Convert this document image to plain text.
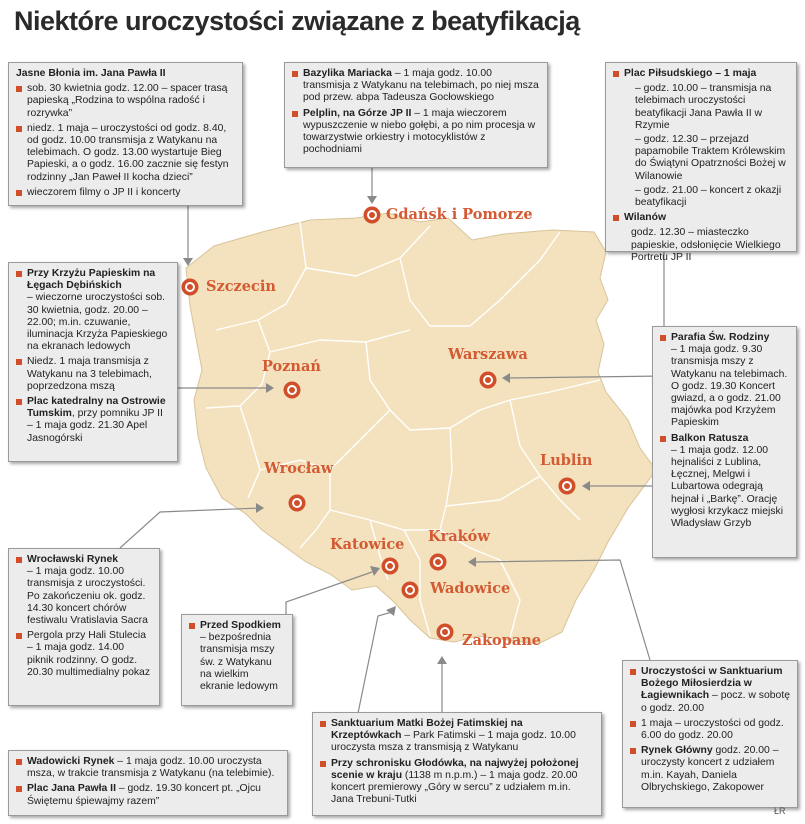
Niektóre uroczystości związane z beatyfikacją
Gdańsk i Pomorze
Szczecin
Poznań
Warszawa
Lublin
Wrocław
Katowice Kraków
Wadowice
Zakopane

Jasne Błonia im. Jana Pawła II

sob. 30 kwietnia godz. 12.00 – spacer trasą papieską „Rodzina to wspólna radość i rozrywka”
niedz. 1 maja – uroczystości od godz. 8.40, od godz. 10.00 transmisja z Watykanu na telebimach. O godz. 13.00 wystartuje Bieg Papieski, a o godz. 16.00 zacznie się festyn rodzinny „Jan Paweł II kocha dzieci”
wieczorem filmy o JP II i koncerty
Bazylika Mariacka – 1 maja godz. 10.00 transmisja z Watykanu na telebimach, po niej msza pod przew. abpa Tadeusza Gocłowskiego
Pelplin, na Górze JP II – 1 maja wieczorem wypuszczenie w niebo gołębi, a po nim procesja w towarzystwie orkiestry i motocyklistów z pochodniami
Plac Piłsudskiego – 1 maja
– godz. 10.00 – transmisja na telebimach uroczystości beatyfikacji Jana Pawła II w Rzymie
– godz. 12.30 – przejazd papamobile Traktem Królewskim do Świątyni Opatrzności Bożej w Wilanowie
– godz. 21.00 – koncert z okazji beatyfikacji
Wilanów
godz. 12.30 – miasteczko papieskie, odsłonięcie Wielkiego Portretu JP II
Przy Krzyżu Papieskim na Łęgach Dębińskich
– wieczorne uroczystości sob. 30 kwietnia, godz. 20.00 – 22.00; m.in. czuwanie, iluminacja Krzyża Papieskiego na ekranach ledowych
Niedz. 1 maja transmisja z Watykanu na 3 telebimach, poprzedzona mszą
Plac katedralny na Ostrowie Tumskim, przy pomniku JP II – 1 maja godz. 21.30 Apel Jasnogórski
Parafia Św. Rodziny
– 1 maja godz. 9.30 transmisja mszy z Watykanu na telebimach. O godz. 19.30 Koncert gwiazd, a o godz. 21.00 majówka pod Krzyżem Papieskim
Balkon Ratusza
– 1 maja godz. 12.00 hejnaliści z Lublina, Łęcznej, Melgwi i Lubartowa odegrają hejnał i „Barkę”. Orację wygłosi krzykacz miejski Władysław Grzyb
Wrocławski Rynek
– 1 maja godz. 10.00 transmisja z uroczystości. Po zakończeniu ok. godz. 14.30 koncert chórów festiwalu Vratislavia Sacra
Pergola przy Hali Stulecia – 1 maja godz. 14.00 piknik rodzinny. O godz. 20.30 multimedialny pokaz
Przed Spodkiem
– bezpośrednia transmisja mszy św. z Watykanu na wielkim ekranie ledowym
Sanktuarium Matki Bożej Fatimskiej na Krzeptówkach – Park Fatimski – 1 maja godz. 10.00 uroczysta msza z transmisją z Watykanu
Przy schronisku Głodówka, na najwyżej położonej scenie w kraju (1138 m n.p.m.) – 1 maja godz. 20.00 koncert premierowy „Góry w sercu” z udziałem m.in. Jana Trebuni-Tutki
Wadowicki Rynek – 1 maja godz. 10.00 uroczysta msza, w trakcie transmisja z Watykanu (na telebimie).
Plac Jana Pawła II – godz. 19.30 koncert pt. „Ojcu Świętemu śpiewajmy razem”
Uroczystości w Sanktuarium Bożego Miłosierdzia w Łagiewnikach – pocz. w sobotę o godz. 20.00
1 maja – uroczystości od godz. 6.00 do godz. 20.00
Rynek Główny godz. 20.00 – uroczysty koncert z udziałem m.in. Kayah, Daniela Olbrychskiego, Zakopower
ŁR
